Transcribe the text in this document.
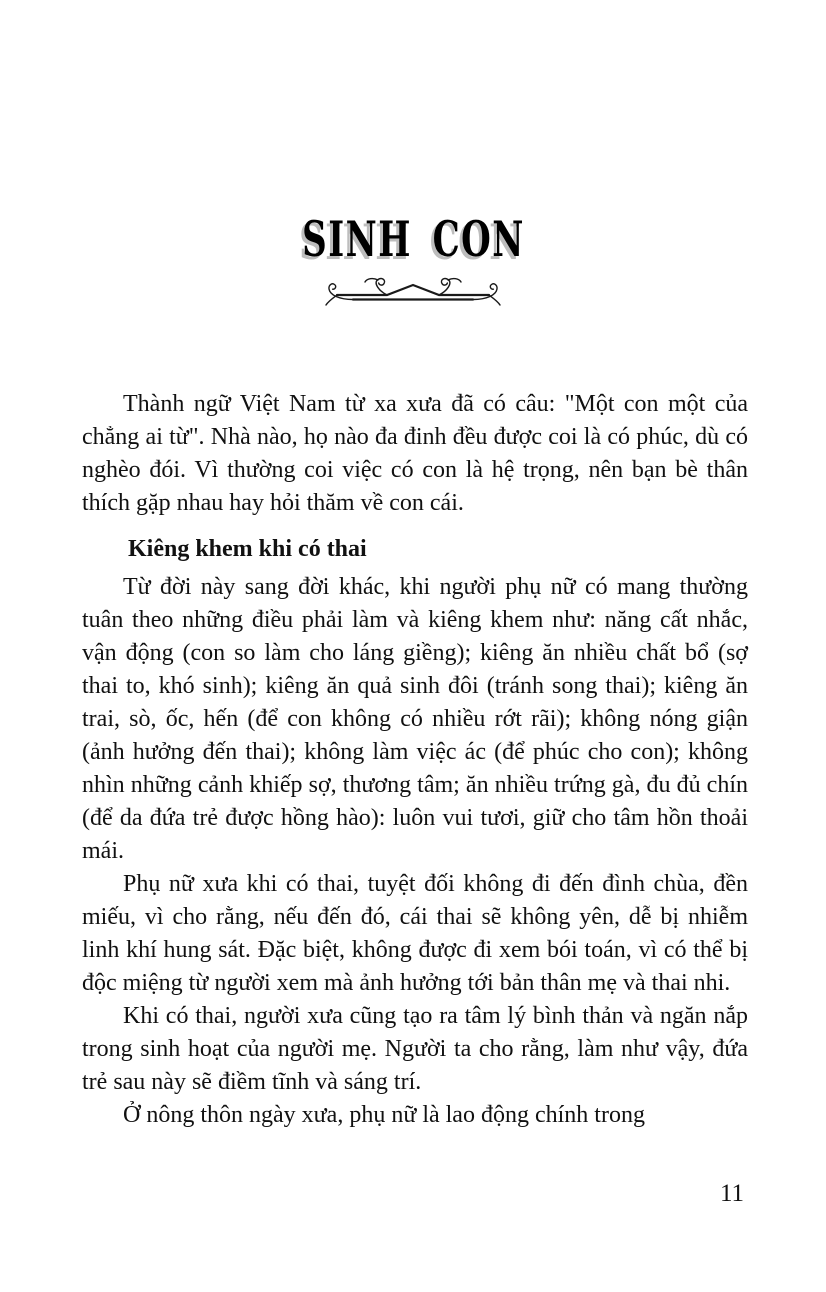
SINH CON

Thành ngữ Việt Nam từ xa xưa đã có câu: "Một con một của chẳng ai từ". Nhà nào, họ nào đa đinh đều được coi là có phúc, dù có nghèo đói. Vì thường coi việc có con là hệ trọng, nên bạn bè thân thích gặp nhau hay hỏi thăm về con cái.

Kiêng khem khi có thai

Từ đời này sang đời khác, khi người phụ nữ có mang thường tuân theo những điều phải làm và kiêng khem như: năng cất nhắc, vận động (con so làm cho láng giềng); kiêng ăn nhiều chất bổ (sợ thai to, khó sinh); kiêng ăn quả sinh đôi (tránh song thai); kiêng ăn trai, sò, ốc, hến (để con không có nhiều rớt rãi); không nóng giận (ảnh hưởng đến thai); không làm việc ác (để phúc cho con); không nhìn những cảnh khiếp sợ, thương tâm; ăn nhiều trứng gà, đu đủ chín (để da đứa trẻ được hồng hào): luôn vui tươi, giữ cho tâm hồn thoải mái.

Phụ nữ xưa khi có thai, tuyệt đối không đi đến đình chùa, đền miếu, vì cho rằng, nếu đến đó, cái thai sẽ không yên, dễ bị nhiễm linh khí hung sát. Đặc biệt, không được đi xem bói toán, vì có thể bị độc miệng từ người xem mà ảnh hưởng tới bản thân mẹ và thai nhi.

Khi có thai, người xưa cũng tạo ra tâm lý bình thản và ngăn nắp trong sinh hoạt của người mẹ. Người ta cho rằng, làm như vậy, đứa trẻ sau này sẽ điềm tĩnh và sáng trí.

Ở nông thôn ngày xưa, phụ nữ là lao động chính trong

11
